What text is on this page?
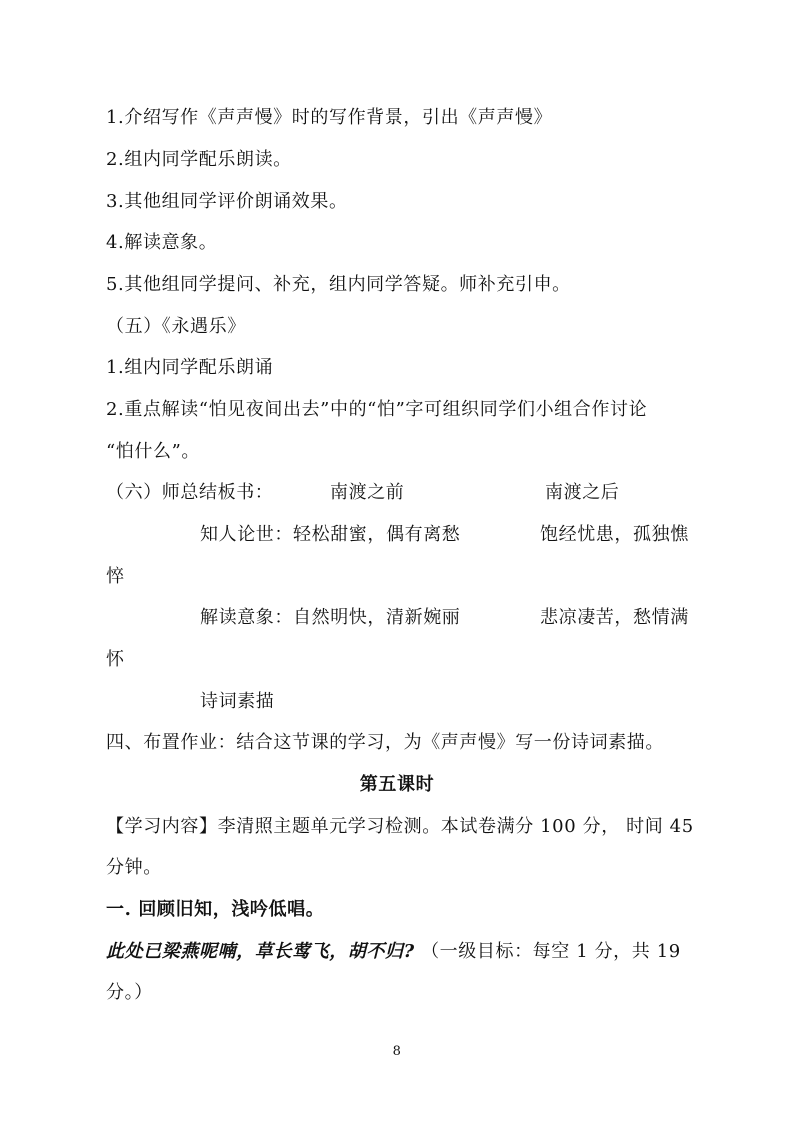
1.介绍写作《声声慢》时的写作背景，引出《声声慢》
2.组内同学配乐朗读。
3.其他组同学评价朗诵效果。
4.解读意象。
5.其他组同学提问、补充，组内同学答疑。师补充引申。
（五）《永遇乐》
1.组内同学配乐朗诵
2.重点解读“怕见夜间出去”中的“怕”字可组织同学们小组合作讨论
“怕什么”。
（六）师总结板书：	南渡之前	南渡之后
知人论世：轻松甜蜜，偶有离愁	饱经忧患，孤独憔
悴
解读意象：自然明快，清新婉丽	悲凉凄苦，愁情满
怀
诗词素描
四、布置作业：结合这节课的学习，为《声声慢》写一份诗词素描。
第五课时
【学习内容】李清照主题单元学习检测。本试卷满分 100 分， 时间 45
分钟。
一. 回顾旧知，浅吟低唱。
此处已梁燕呢喃，草长莺飞，胡不归? （一级目标：每空 1 分，共 19
分。）
8
